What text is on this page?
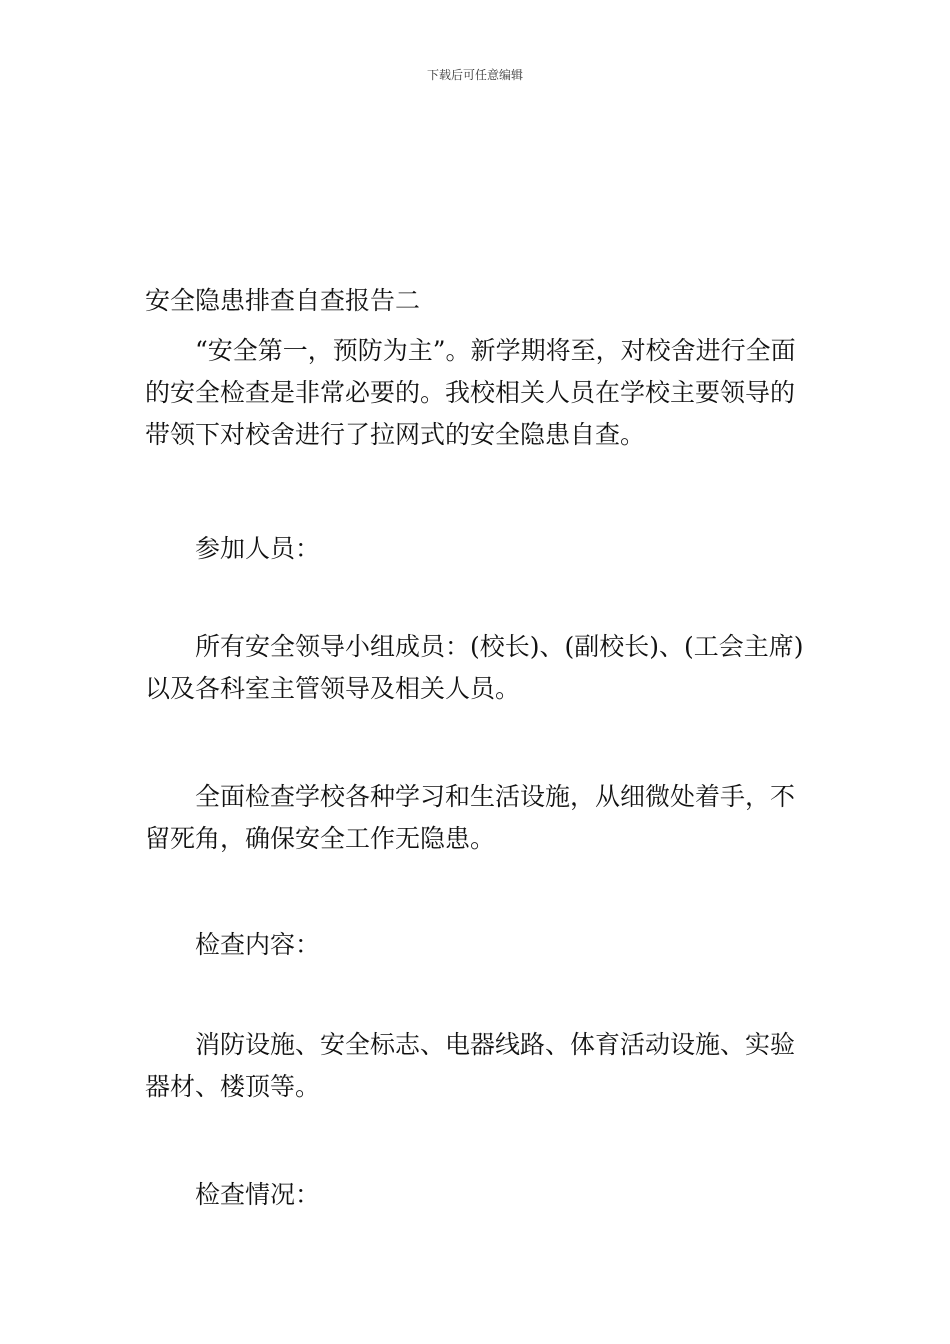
下载后可任意编辑
安全隐患排查自查报告二
“安全第一，预防为主”。新学期将至，对校舍进行全面的安全检查是非常必要的。我校相关人员在学校主要领导的带领下对校舍进行了拉网式的安全隐患自查。
参加人员：
所有安全领导小组成员：(校长)、(副校长)、(工会主席)以及各科室主管领导及相关人员。
全面检查学校各种学习和生活设施，从细微处着手，不留死角，确保安全工作无隐患。
检查内容：
消防设施、安全标志、电器线路、体育活动设施、实验器材、楼顶等。
检查情况：
